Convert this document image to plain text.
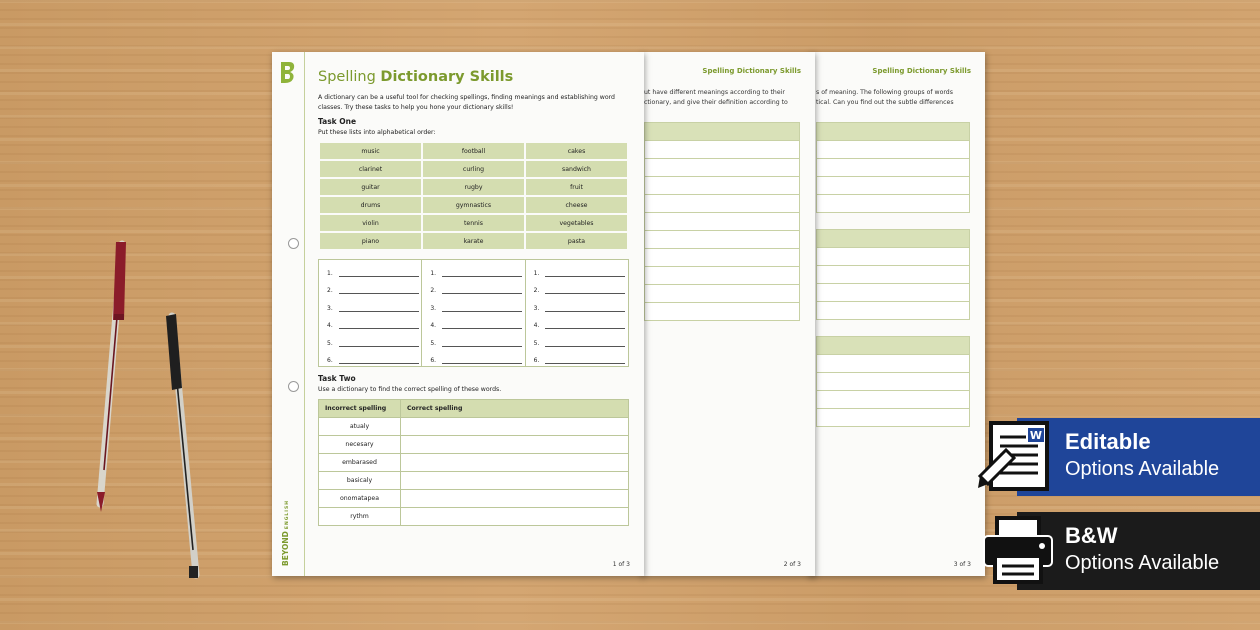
Spelling Dictionary Skills
s of meaning. The following groups of words
tical. Can you find out the subtle differences

3 of 3
Spelling Dictionary Skills
ut have different meanings according to their
ctionary, and give their definition according to

2 of 3
BEYONDENGLISH
Spelling Dictionary Skills
A dictionary can be a useful tool for checking spellings, finding meanings and establishing word classes. Try these tasks to help you hone your dictionary skills!
Task One
Put these lists into alphabetical order:
music	football	cakes
clarinet	curling	sandwich
guitar	rugby	fruit
drums	gymnastics	cheese
violin	tennis	vegetables
piano	karate	pasta
1.
2.
3.
4.
5.
6.
1.
2.
3.
4.
5.
6.
1.
2.
3.
4.
5.
6.
Task Two
Use a dictionary to find the correct spelling of these words.
Incorrect spelling	Correct spelling
atualy	
necesary	
embarased	
basicaly	
onomatapea	
rythm	
1 of 3
Editable
Options Available
W
B&W
Options Available
